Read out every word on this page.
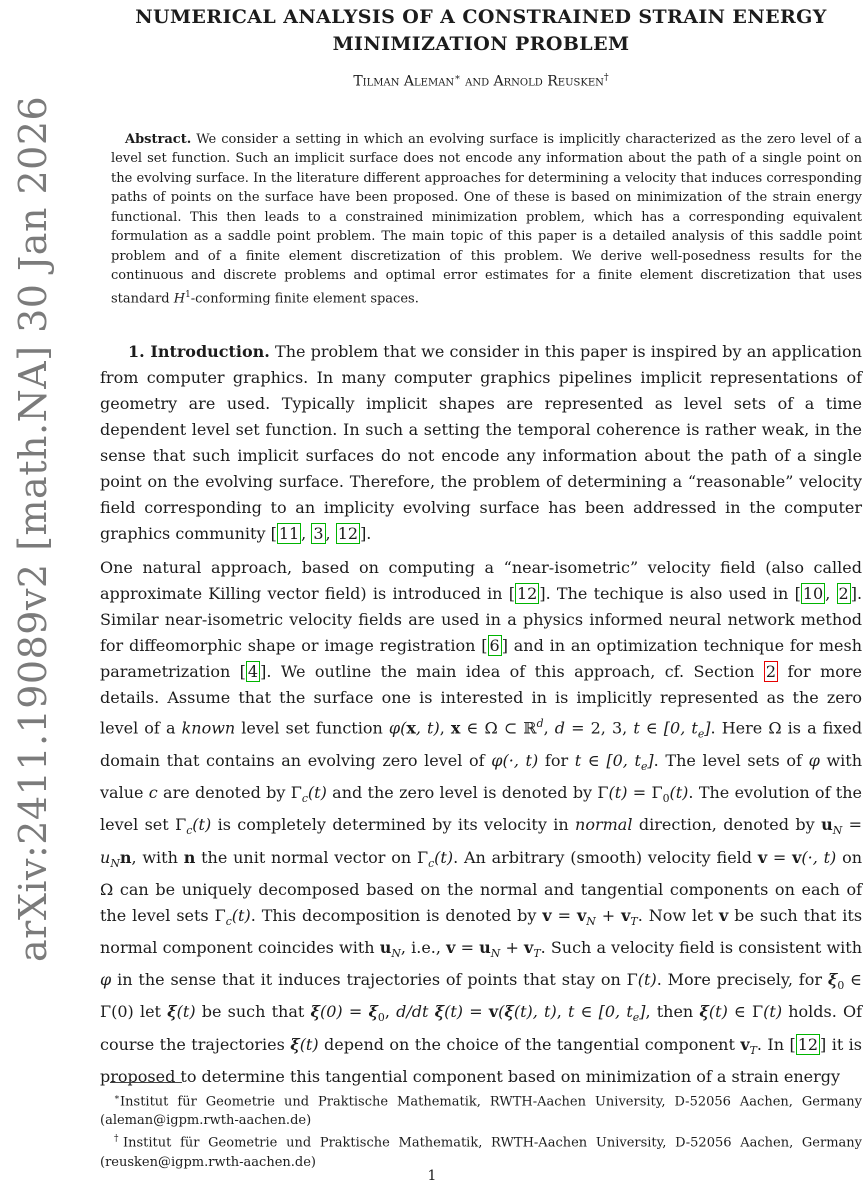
arXiv:2411.19089v2 [math.NA] 30 Jan 2026
NUMERICAL ANALYSIS OF A CONSTRAINED STRAIN ENERGY
MINIMIZATION PROBLEM
Tilman Aleman∗ and Arnold Reusken†
Abstract. We consider a setting in which an evolving surface is implicitly characterized as the zero level of a level set function. Such an implicit surface does not encode any information about the path of a single point on the evolving surface. In the literature different approaches for determining a velocity that induces corresponding paths of points on the surface have been proposed. One of these is based on minimization of the strain energy functional. This then leads to a constrained minimization problem, which has a corresponding equivalent formulation as a saddle point problem. The main topic of this paper is a detailed analysis of this saddle point problem and of a finite element discretization of this problem. We derive well-posedness results for the continuous and discrete problems and optimal error estimates for a finite element discretization that uses standard $H^1$-conforming finite element spaces.
1. Introduction. The problem that we consider in this paper is inspired by an application from computer graphics. In many computer graphics pipelines implicit representations of geometry are used. Typically implicit shapes are represented as level sets of a time dependent level set function. In such a setting the temporal coherence is rather weak, in the sense that such implicit surfaces do not encode any information about the path of a single point on the evolving surface. Therefore, the problem of determining a “reasonable” velocity field corresponding to an implicity evolving surface has been addressed in the computer graphics community [ 11 , 3 , 12 ].
One natural approach, based on computing a “near-isometric” velocity field (also called approximate Killing vector field) is introduced in [ 12 ]. The techique is also used in [ 10 , 2 ]. Similar near-isometric velocity fields are used in a physics informed neural network method for diffeomorphic shape or image registration [ 6 ] and in an optimization technique for mesh parametrization [ 4 ]. We outline the main idea of this approach, cf. Section 2 for more details. Assume that the surface one is interested in is implicitly represented as the zero level of a known level set function φ(x, t), x ∈ Ω ⊂ ℝ$^d$, d = 2, 3, t ∈ [0, $t_e$]. Here Ω is a fixed domain that contains an evolving zero level of φ(·, t) for t ∈ [0, $t_e$]. The level sets of φ with value c are denoted by $\Gamma_c(t)$ and the zero level is denoted by $\Gamma(t) = \Gamma_0(t)$. The evolution of the level set $\Gamma_c(t)$ is completely determined by its velocity in normal direction, denoted by $u_N = u_Nn$, with n the unit normal vector on $\Gamma_c(t)$. An arbitrary (smooth) velocity field v = v(·, t) on Ω can be uniquely decomposed based on the normal and tangential components on each of the level sets $\Gamma_c(t)$. This decomposition is denoted by $v = v_N + v_T$. Now let v be such that its normal component coincides with $u_N$, i.e., $v = u_N + v_T$. Such a velocity field is consistent with φ in the sense that it induces trajectories of points that stay on Γ(t). More precisely, for $\xi_0$ ∈ Γ(0) let ξ(t) be such that $\xi(0) = \xi_0$, d/dt ξ(t) = v(ξ(t), t), t ∈ [0, $t_e$], then ξ(t) ∈ Γ(t) holds. Of course the trajectories ξ(t) depend on the choice of the tangential component $v_T$. In [ 12 ] it is proposed to determine this tangential component based on minimization of a strain energy
∗Institut für Geometrie und Praktische Mathematik, RWTH-Aachen University, D-52056 Aachen, Germany (aleman@igpm.rwth-aachen.de)
†Institut für Geometrie und Praktische Mathematik, RWTH-Aachen University, D-52056 Aachen, Germany (reusken@igpm.rwth-aachen.de)
1
